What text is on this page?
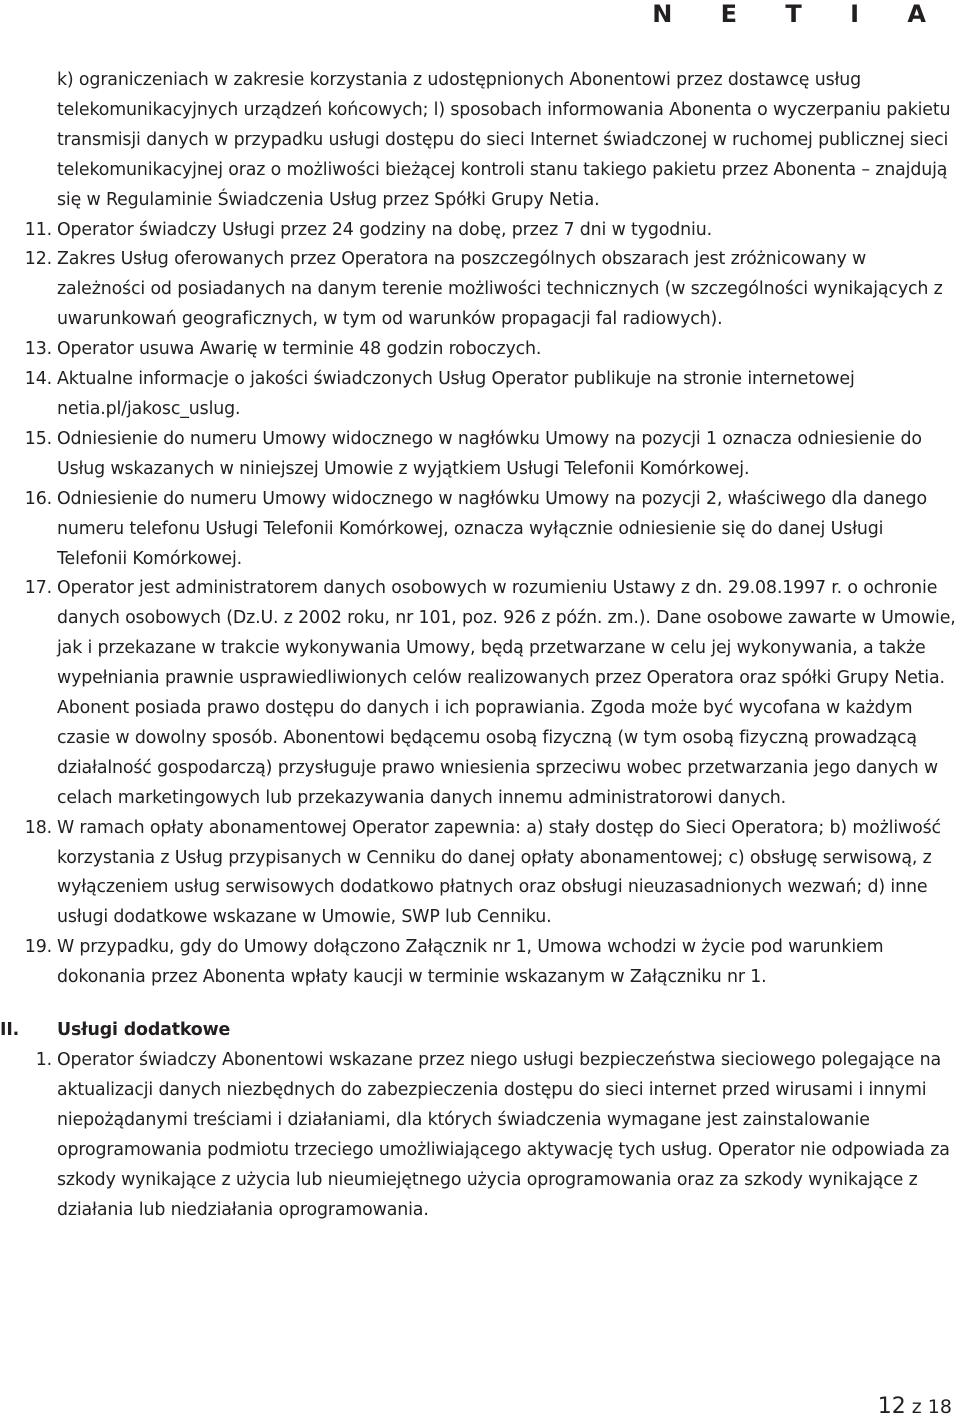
N E T I A

k) ograniczeniach w zakresie korzystania z udostępnionych Abonentowi przez dostawcę usług telekomunikacyjnych urządzeń końcowych; l) sposobach informowania Abonenta o wyczerpaniu pakietu transmisji danych w przypadku usługi dostępu do sieci Internet świadczonej w ruchomej publicznej sieci telekomunikacyjnej oraz o możliwości bieżącej kontroli stanu takiego pakietu przez Abonenta – znajdują się w Regulaminie Świadczenia Usług przez Spółki Grupy Netia.

11. Operator świadczy Usługi przez 24 godziny na dobę, przez 7 dni w tygodniu.

12. Zakres Usług oferowanych przez Operatora na poszczególnych obszarach jest zróżnicowany w zależności od posiadanych na danym terenie możliwości technicznych (w szczególności wynikających z uwarunkowań geograficznych, w tym od warunków propagacji fal radiowych).

13. Operator usuwa Awarię w terminie 48 godzin roboczych.

14. Aktualne informacje o jakości świadczonych Usług Operator publikuje na stronie internetowej netia.pl/jakosc_uslug.

15. Odniesienie do numeru Umowy widocznego w nagłówku Umowy na pozycji 1 oznacza odniesienie do Usług wskazanych w niniejszej Umowie z wyjątkiem Usługi Telefonii Komórkowej.

16. Odniesienie do numeru Umowy widocznego w nagłówku Umowy na pozycji 2, właściwego dla danego numeru telefonu Usługi Telefonii Komórkowej, oznacza wyłącznie odniesienie się do danej Usługi Telefonii Komórkowej.

17. Operator jest administratorem danych osobowych w rozumieniu Ustawy z dn. 29.08.1997 r. o ochronie danych osobowych (Dz.U. z 2002 roku, nr 101, poz. 926 z późn. zm.). Dane osobowe zawarte w Umowie, jak i przekazane w trakcie wykonywania Umowy, będą przetwarzane w celu jej wykonywania, a także wypełniania prawnie usprawiedliwionych celów realizowanych przez Operatora oraz spółki Grupy Netia. Abonent posiada prawo dostępu do danych i ich poprawiania. Zgoda może być wycofana w każdym czasie w dowolny sposób. Abonentowi będącemu osobą fizyczną (w tym osobą fizyczną prowadzącą działalność gospodarczą) przysługuje prawo wniesienia sprzeciwu wobec przetwarzania jego danych w celach marketingowych lub przekazywania danych innemu administratorowi danych.

18. W ramach opłaty abonamentowej Operator zapewnia: a) stały dostęp do Sieci Operatora; b) możliwość korzystania z Usług przypisanych w Cenniku do danej opłaty abonamentowej; c) obsługę serwisową, z wyłączeniem usług serwisowych dodatkowo płatnych oraz obsługi nieuzasadnionych wezwań; d) inne usługi dodatkowe wskazane w Umowie, SWP lub Cenniku.

19. W przypadku, gdy do Umowy dołączono Załącznik nr 1, Umowa wchodzi w życie pod warunkiem dokonania przez Abonenta wpłaty kaucji w terminie wskazanym w Załączniku nr 1.

II.	Usługi dodatkowe

1. Operator świadczy Abonentowi wskazane przez niego usługi bezpieczeństwa sieciowego polegające na aktualizacji danych niezbędnych do zabezpieczenia dostępu do sieci internet przed wirusami i innymi niepożądanymi treściami i działaniami, dla których świadczenia wymagane jest zainstalowanie oprogramowania podmiotu trzeciego umożliwiającego aktywację tych usług. Operator nie odpowiada za szkody wynikające z użycia lub nieumiejętnego użycia oprogramowania oraz za szkody wynikające z działania lub niedziałania oprogramowania.

12 z 18
